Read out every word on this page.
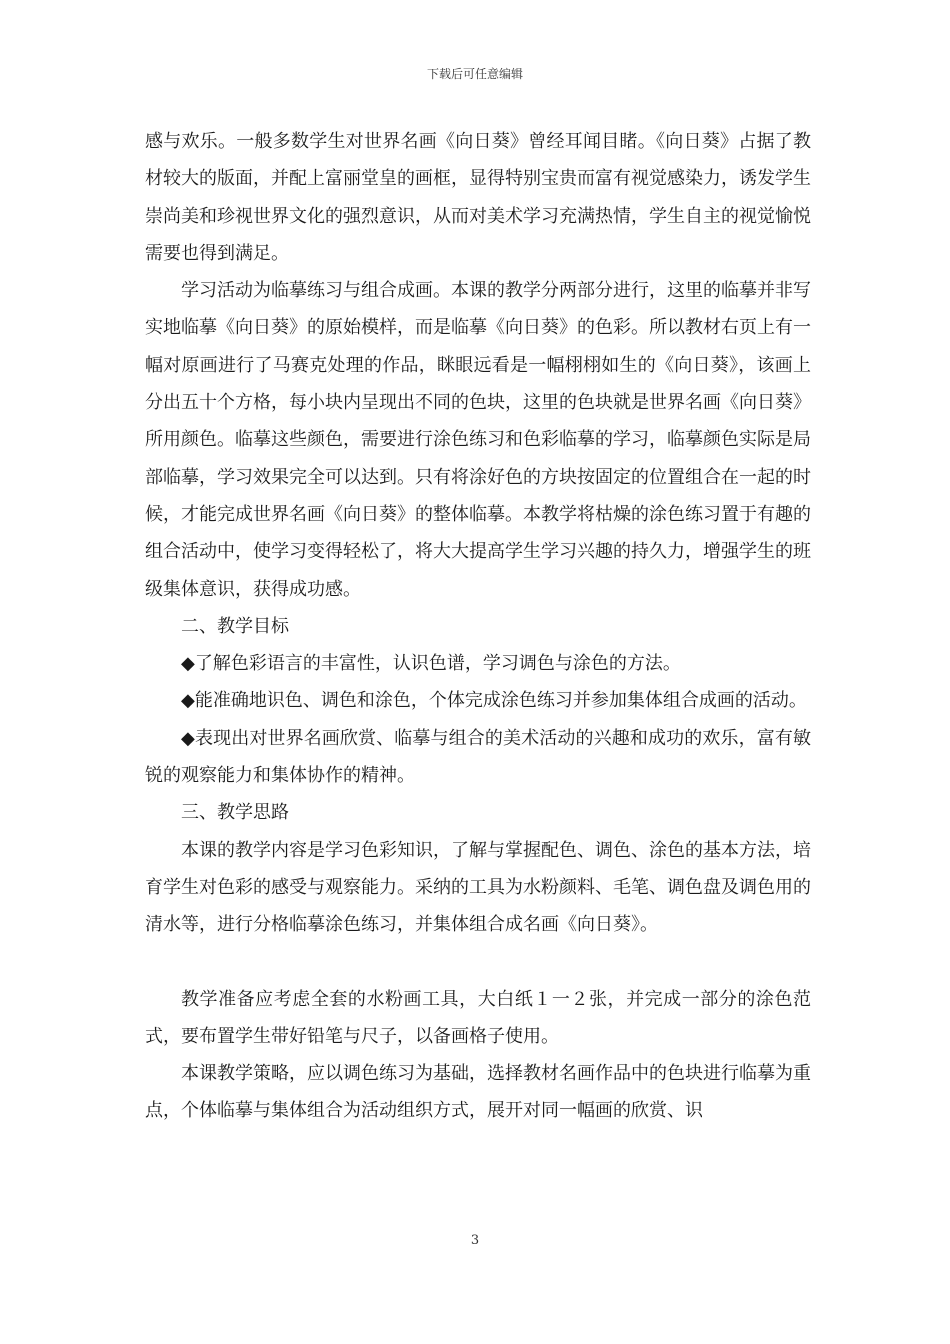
下载后可任意编辑

感与欢乐。一般多数学生对世界名画《向日葵》曾经耳闻目睹。《向日葵》占据了教材较大的版面，并配上富丽堂皇的画框，显得特别宝贵而富有视觉感染力，诱发学生崇尚美和珍视世界文化的强烈意识，从而对美术学习充满热情，学生自主的视觉愉悦需要也得到满足。

学习活动为临摹练习与组合成画。本课的教学分两部分进行，这里的临摹并非写实地临摹《向日葵》的原始模样，而是临摹《向日葵》的色彩。所以教材右页上有一幅对原画进行了马赛克处理的作品，眯眼远看是一幅栩栩如生的《向日葵》，该画上分出五十个方格，每小块内呈现出不同的色块，这里的色块就是世界名画《向日葵》所用颜色。临摹这些颜色，需要进行涂色练习和色彩临摹的学习，临摹颜色实际是局部临摹，学习效果完全可以达到。只有将涂好色的方块按固定的位置组合在一起的时候，才能完成世界名画《向日葵》的整体临摹。本教学将枯燥的涂色练习置于有趣的组合活动中，使学习变得轻松了，将大大提高学生学习兴趣的持久力，增强学生的班级集体意识，获得成功感。

二、教学目标

◆了解色彩语言的丰富性，认识色谱，学习调色与涂色的方法。

◆能准确地识色、调色和涂色，个体完成涂色练习并参加集体组合成画的活动。

◆表现出对世界名画欣赏、临摹与组合的美术活动的兴趣和成功的欢乐，富有敏锐的观察能力和集体协作的精神。

三、教学思路

本课的教学内容是学习色彩知识，了解与掌握配色、调色、涂色的基本方法，培育学生对色彩的感受与观察能力。采纳的工具为水粉颜料、毛笔、调色盘及调色用的清水等，进行分格临摹涂色练习，并集体组合成名画《向日葵》。

教学准备应考虑全套的水粉画工具，大白纸１一２张，并完成一部分的涂色范式，要布置学生带好铅笔与尺子，以备画格子使用。

本课教学策略，应以调色练习为基础，选择教材名画作品中的色块进行临摹为重点，个体临摹与集体组合为活动组织方式，展开对同一幅画的欣赏、识

3
